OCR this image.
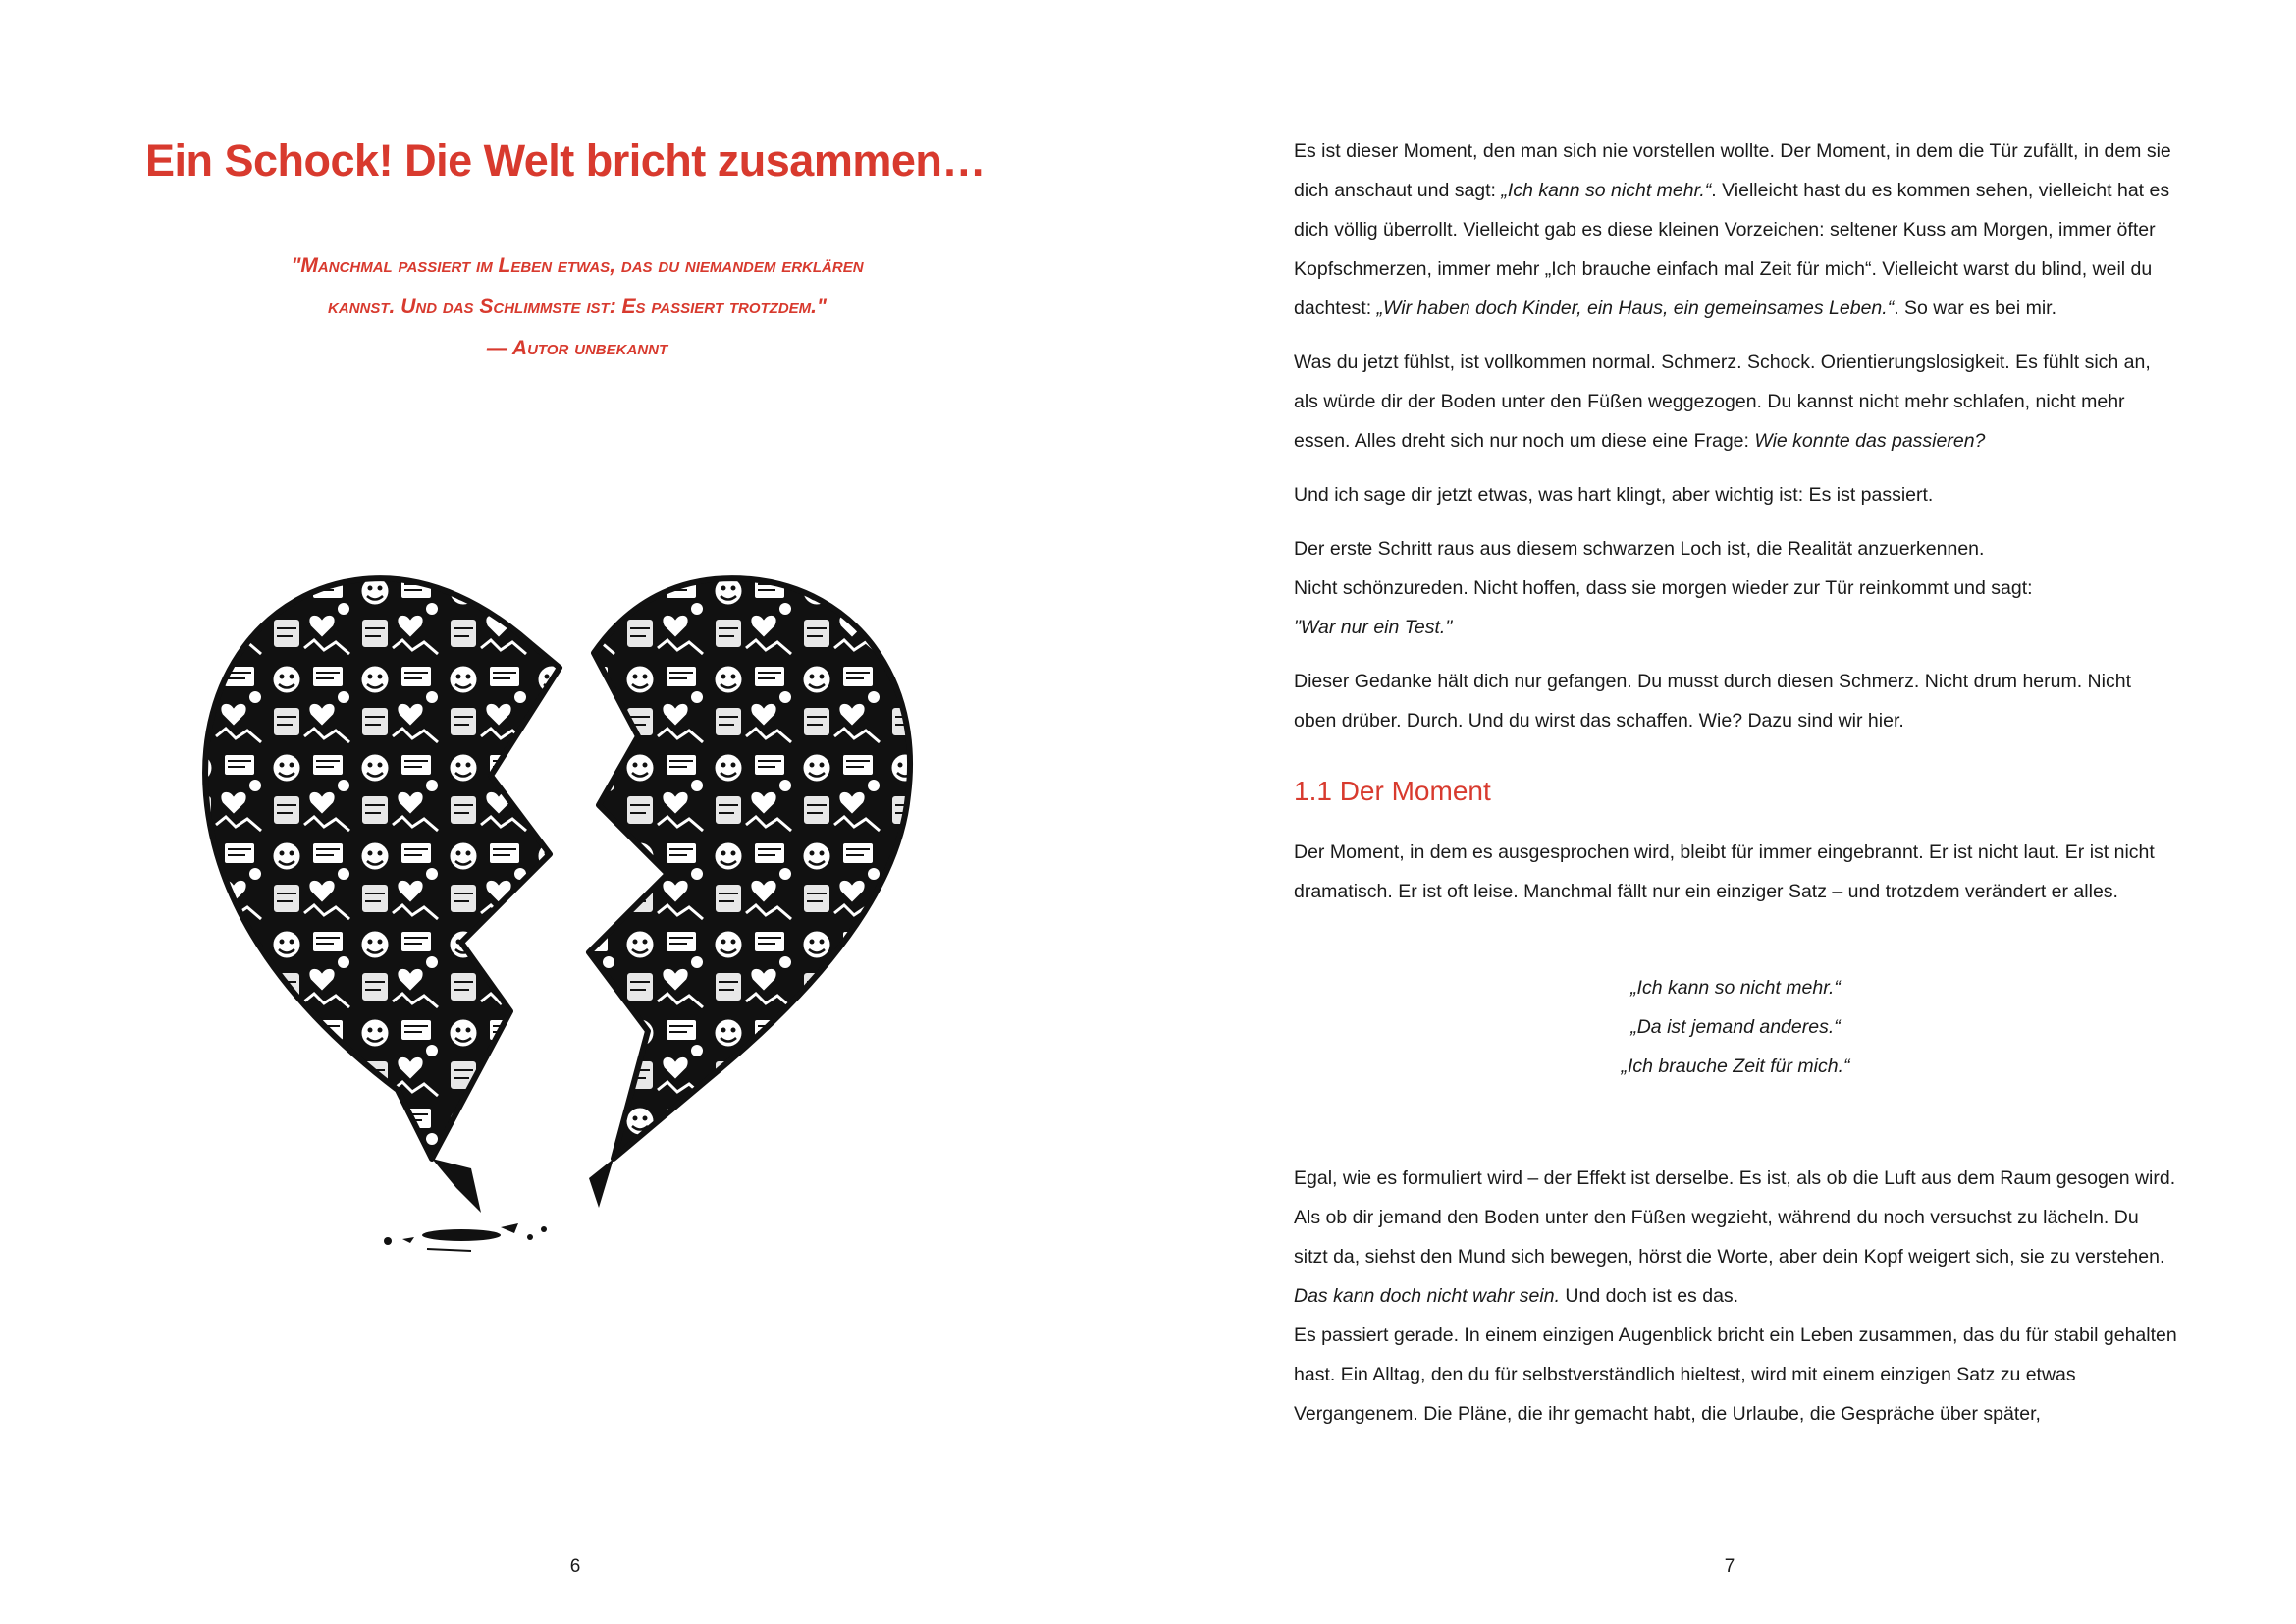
Ein Schock! Die Welt bricht zusammen…

"Manchmal passiert im Leben etwas, das du niemandem erklären

kannst. Und das Schlimmste ist: Es passiert trotzdem."

— Autor unbekannt

6

Es ist dieser Moment, den man sich nie vorstellen wollte. Der Moment, in dem die Tür zufällt, in dem sie dich anschaut und sagt: „Ich kann so nicht mehr.“. Vielleicht hast du es kommen sehen, vielleicht hat es dich völlig überrollt. Vielleicht gab es diese kleinen Vorzeichen: seltener Kuss am Morgen, immer öfter Kopfschmerzen, immer mehr „Ich brauche einfach mal Zeit für mich“. Vielleicht warst du blind, weil du dachtest: „Wir haben doch Kinder, ein Haus, ein gemeinsames Leben.“. So war es bei mir.

Was du jetzt fühlst, ist vollkommen normal. Schmerz. Schock. Orientierungslosigkeit. Es fühlt sich an, als würde dir der Boden unter den Füßen weggezogen. Du kannst nicht mehr schlafen, nicht mehr essen. Alles dreht sich nur noch um diese eine Frage: Wie konnte das passieren?

Und ich sage dir jetzt etwas, was hart klingt, aber wichtig ist: Es ist passiert.

Der erste Schritt raus aus diesem schwarzen Loch ist, die Realität anzuerkennen.
Nicht schönzureden. Nicht hoffen, dass sie morgen wieder zur Tür reinkommt und sagt:
"War nur ein Test."

Dieser Gedanke hält dich nur gefangen. Du musst durch diesen Schmerz. Nicht drum herum. Nicht oben drüber. Durch. Und du wirst das schaffen. Wie? Dazu sind wir hier.

1.1 Der Moment

Der Moment, in dem es ausgesprochen wird, bleibt für immer eingebrannt. Er ist nicht laut. Er ist nicht dramatisch. Er ist oft leise. Manchmal fällt nur ein einziger Satz – und trotzdem verändert er alles.

„Ich kann so nicht mehr.“
„Da ist jemand anderes.“
„Ich brauche Zeit für mich.“

Egal, wie es formuliert wird – der Effekt ist derselbe. Es ist, als ob die Luft aus dem Raum gesogen wird. Als ob dir jemand den Boden unter den Füßen wegzieht, während du noch versuchst zu lächeln. Du sitzt da, siehst den Mund sich bewegen, hörst die Worte, aber dein Kopf weigert sich, sie zu verstehen. Das kann doch nicht wahr sein. Und doch ist es das.

Es passiert gerade. In einem einzigen Augenblick bricht ein Leben zusammen, das du für stabil gehalten hast. Ein Alltag, den du für selbstverständlich hieltest, wird mit einem einzigen Satz zu etwas Vergangenem. Die Pläne, die ihr gemacht habt, die Urlaube, die Gespräche über später,

7
